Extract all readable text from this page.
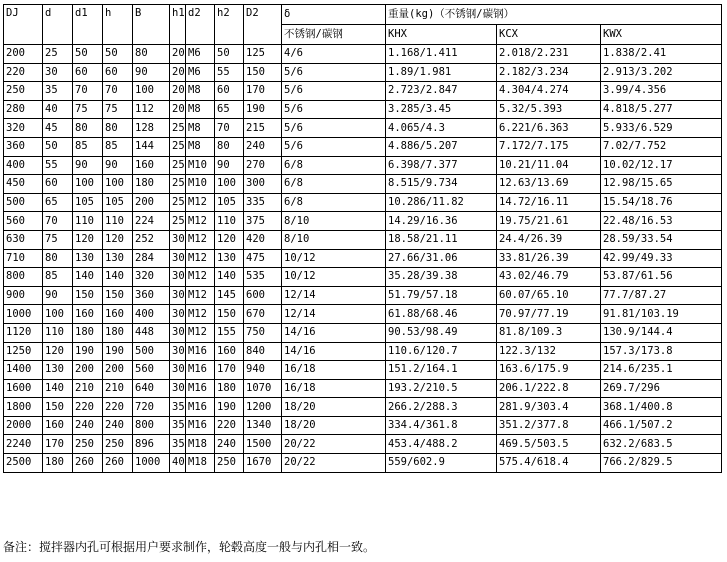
DJ	d	d1	h	B	h1	d2	h2	D2	δ	重量(kg)（不锈钢/碳钢）		
									不锈钢/碳钢	KHX	KCX	KWX
200	25	50	50	80	20	M6	50	125	4/6	1.168/1.411	2.018/2.231	1.838/2.41
220	30	60	60	90	20	M6	55	150	5/6	1.89/1.981	2.182/3.234	2.913/3.202
250	35	70	70	100	20	M8	60	170	5/6	2.723/2.847	4.304/4.274	3.99/4.356
280	40	75	75	112	20	M8	65	190	5/6	3.285/3.45	5.32/5.393	4.818/5.277
320	45	80	80	128	25	M8	70	215	5/6	4.065/4.3	6.221/6.363	5.933/6.529
360	50	85	85	144	25	M8	80	240	5/6	4.886/5.207	7.172/7.175	7.02/7.752
400	55	90	90	160	25	M10	90	270	6/8	6.398/7.377	10.21/11.04	10.02/12.17
450	60	100	100	180	25	M10	100	300	6/8	8.515/9.734	12.63/13.69	12.98/15.65
500	65	105	105	200	25	M12	105	335	6/8	10.286/11.82	14.72/16.11	15.54/18.76
560	70	110	110	224	25	M12	110	375	8/10	14.29/16.36	19.75/21.61	22.48/16.53
630	75	120	120	252	30	M12	120	420	8/10	18.58/21.11	24.4/26.39	28.59/33.54
710	80	130	130	284	30	M12	130	475	10/12	27.66/31.06	33.81/26.39	42.99/49.33
800	85	140	140	320	30	M12	140	535	10/12	35.28/39.38	43.02/46.79	53.87/61.56
900	90	150	150	360	30	M12	145	600	12/14	51.79/57.18	60.07/65.10	77.7/87.27
1000	100	160	160	400	30	M12	150	670	12/14	61.88/68.46	70.97/77.19	91.81/103.19
1120	110	180	180	448	30	M12	155	750	14/16	90.53/98.49	81.8/109.3	130.9/144.4
1250	120	190	190	500	30	M16	160	840	14/16	110.6/120.7	122.3/132	157.3/173.8
1400	130	200	200	560	30	M16	170	940	16/18	151.2/164.1	163.6/175.9	214.6/235.1
1600	140	210	210	640	30	M16	180	1070	16/18	193.2/210.5	206.1/222.8	269.7/296
1800	150	220	220	720	35	M16	190	1200	18/20	266.2/288.3	281.9/303.4	368.1/400.8
2000	160	240	240	800	35	M16	220	1340	18/20	334.4/361.8	351.2/377.8	466.1/507.2
2240	170	250	250	896	35	M18	240	1500	20/22	453.4/488.2	469.5/503.5	632.2/683.5
2500	180	260	260	1000	40	M18	250	1670	20/22	559/602.9	575.4/618.4	766.2/829.5
备注：搅拌器内孔可根据用户要求制作，轮毂高度一般与内孔相一致。
